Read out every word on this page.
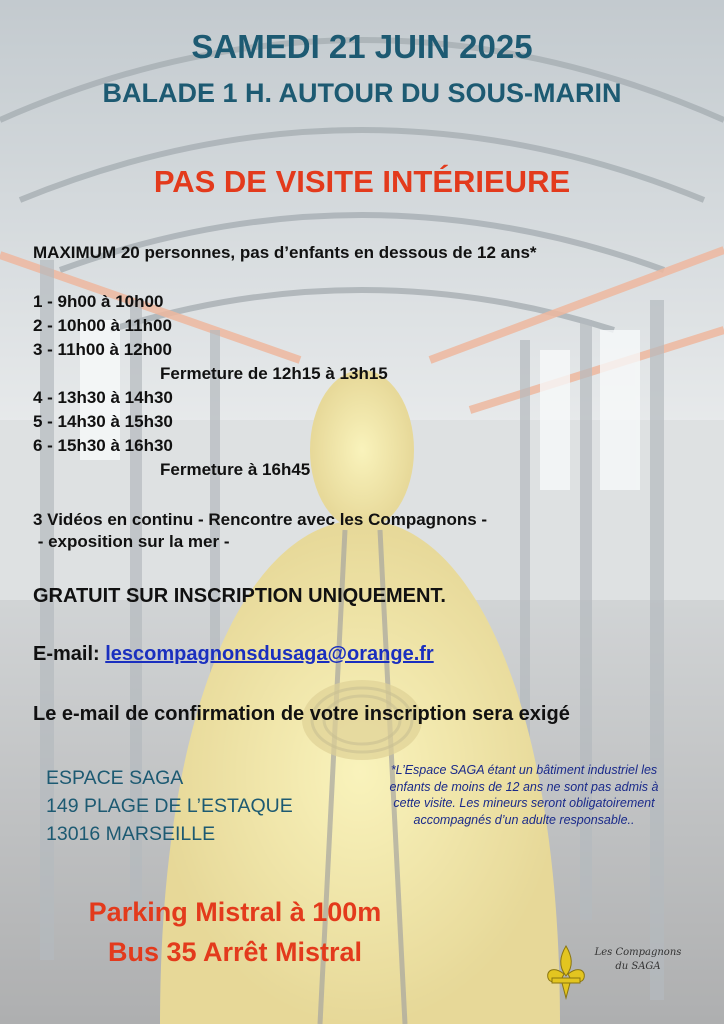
SAMEDI 21 JUIN 2025
BALADE 1 H. AUTOUR DU SOUS-MARIN
PAS DE VISITE INTÉRIEURE
MAXIMUM 20 personnes, pas d’enfants en dessous de 12 ans*
1 - 9h00 à 10h00
2 - 10h00 à 11h00
3 - 11h00 à 12h00
Fermeture de 12h15 à 13h15
4 - 13h30 à 14h30
5 - 14h30 à 15h30
6 - 15h30 à 16h30
Fermeture à 16h45
3 Vidéos en continu - Rencontre avec les Compagnons -
- exposition sur la mer -
GRATUIT SUR INSCRIPTION UNIQUEMENT.
E-mail: lescompagnonsdusaga@orange.fr
Le e-mail de confirmation de votre inscription sera exigé
ESPACE SAGA
149 PLAGE DE L’ESTAQUE
13016 MARSEILLE
*L’Espace SAGA étant un bâtiment industriel les
enfants de moins de 12 ans ne sont pas admis à
cette visite. Les mineurs seront obligatoirement
accompagnés d’un adulte responsable..
Parking Mistral à 100m
Bus 35 Arrêt Mistral	Les Compagnons
du SAGA
